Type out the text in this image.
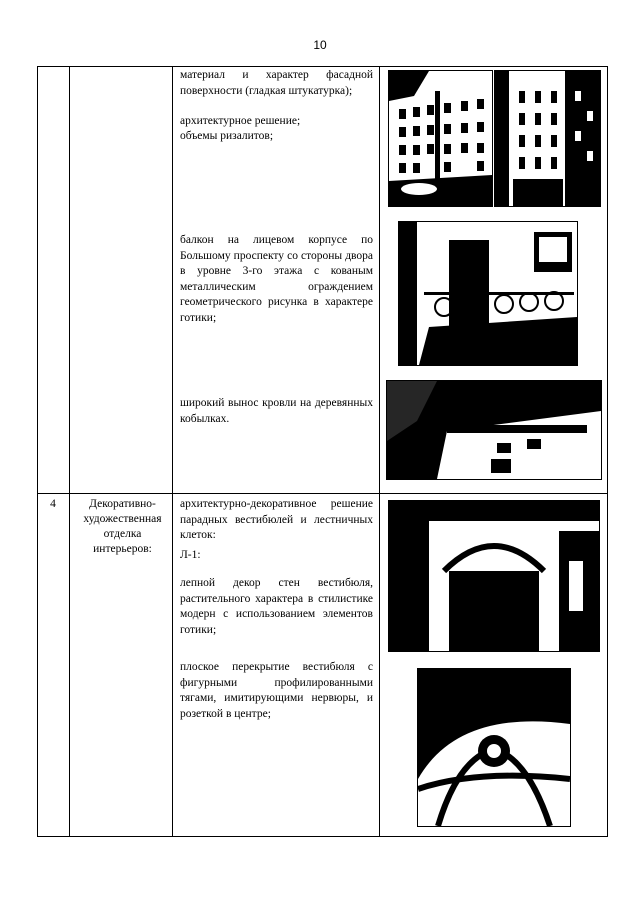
10
материал и характер фасадной поверхности (гладкая штукатурка);
архитектурное решение;
объемы ризалитов;
балкон на лицевом корпусе по Большому проспекту со стороны двора в уровне 3-го этажа с кованым металлическим ограждением геометрического рисунка в характере готики;
широкий вынос кровли на деревянных кобылках.
4	Декоративно-художественная отделка интерьеров:
архитектурно-декоративное решение парадных вестибюлей и лестничных клеток:
Л-1:
лепной декор стен вестибюля, растительного характера в стилистике модерн с использованием элементов готики;
плоское перекрытие вестибюля с фигурными профилированными тягами, имитирующими нервюры, и розеткой в центре;
